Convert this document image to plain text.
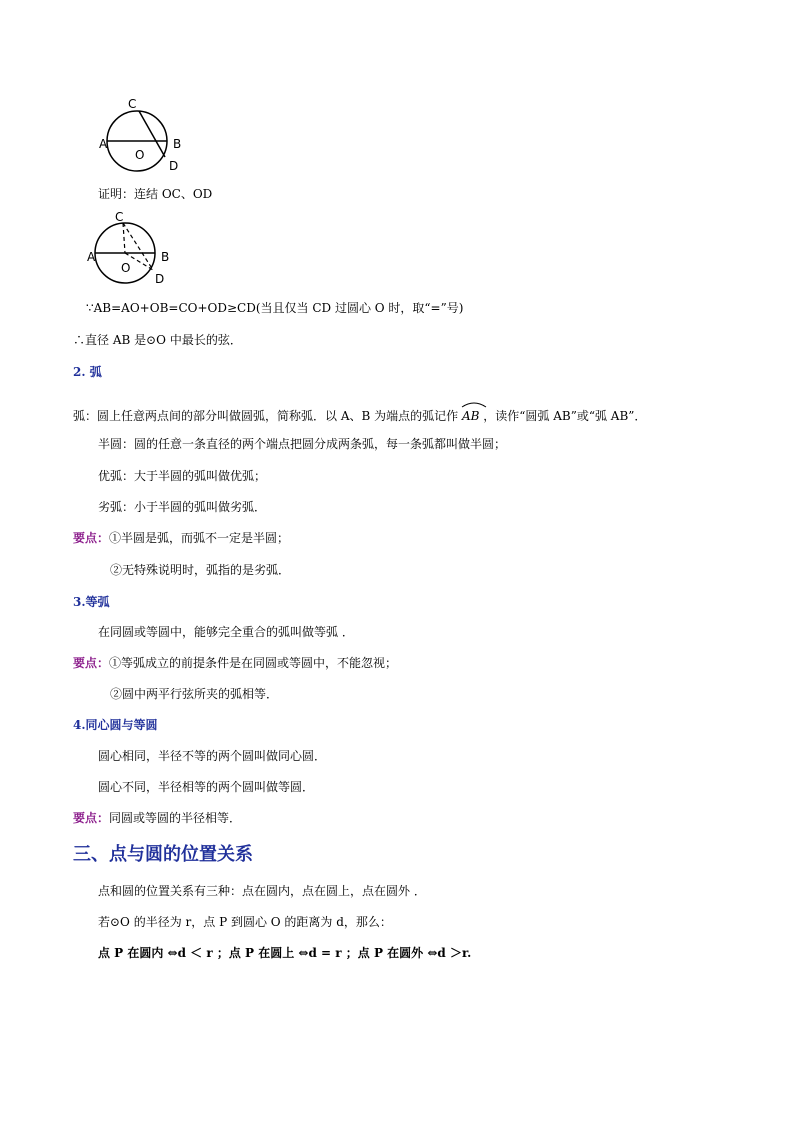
C
A
O
B
D
证明：连结 OC、OD
C
A
O
B
D
∵AB=AO+OB=CO+OD≥CD(当且仅当 CD 过圆心 O 时，取“=”号)
∴直径 AB 是⊙O 中最长的弦．
2. 弧
弧：圆上任意两点间的部分叫做圆弧，简称弧．以 A、B 为端点的弧记作 AB ，读作“圆弧 AB”或“弧 AB”．
半圆：圆的任意一条直径的两个端点把圆分成两条弧，每一条弧都叫做半圆；
优弧：大于半圆的弧叫做优弧；
劣弧：小于半圆的弧叫做劣弧．
要点：①半圆是弧，而弧不一定是半圆；
②无特殊说明时，弧指的是劣弧．
3.等弧
在同圆或等圆中，能够完全重合的弧叫做等弧 ．
要点：①等弧成立的前提条件是在同圆或等圆中，不能忽视；
②圆中两平行弦所夹的弧相等．
4.同心圆与等圆
圆心相同，半径不等的两个圆叫做同心圆．
圆心不同，半径相等的两个圆叫做等圆．
要点：同圆或等圆的半径相等．
三、点与圆的位置关系
点和圆的位置关系有三种：点在圆内，点在圆上，点在圆外 ．
若⊙O 的半径为 r，点 P 到圆心 O 的距离为 d，那么：
点 P 在圆内 ⇔d ＜ r ；点 P 在圆上 ⇔d = r ；点 P 在圆外 ⇔d ＞r.
